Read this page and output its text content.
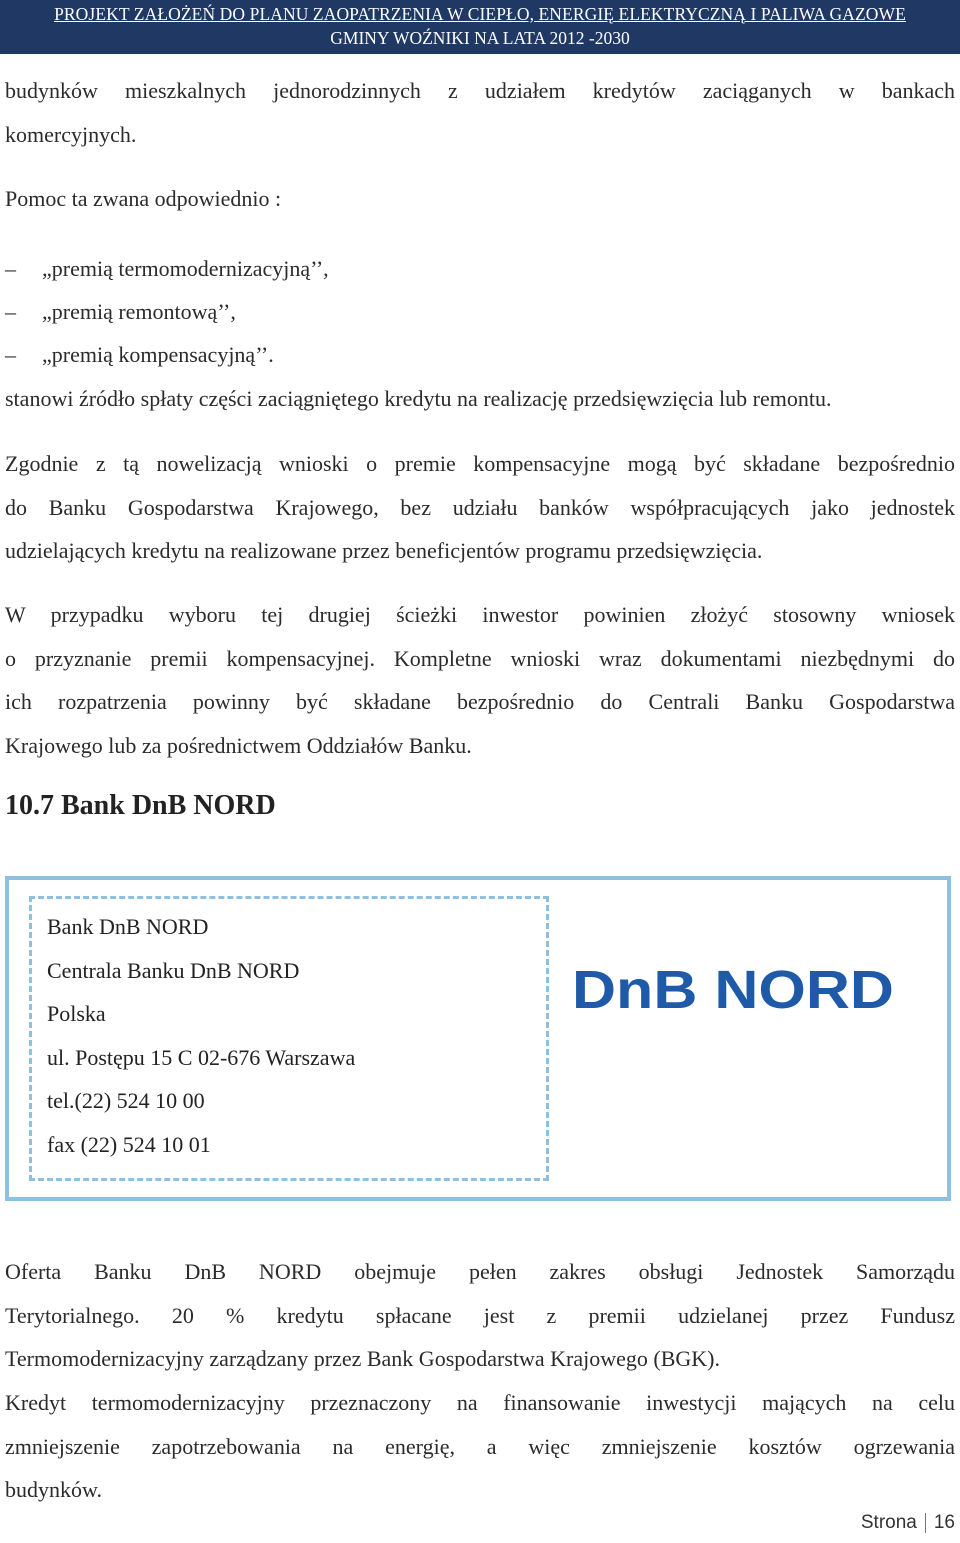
PROJEKT ZAŁOŻEŃ DO PLANU ZAOPATRZENIA W CIEPŁO, ENERGIĘ ELEKTRYCZNĄ I PALIWA GAZOWE
GMINY WOŹNIKI NA LATA 2012 -2030

budynków mieszkalnych jednorodzinnych z udziałem kredytów zaciąganych w bankach
komercyjnych.

Pomoc ta zwana odpowiednio :

– „premią termomodernizacyjną’’,
– „premią remontową’’,
– „premią kompensacyjną’’.

stanowi źródło spłaty części zaciągniętego kredytu na realizację przedsięwzięcia lub remontu.

Zgodnie z tą nowelizacją wnioski o premie kompensacyjne mogą być składane bezpośrednio
do Banku Gospodarstwa Krajowego, bez udziału banków współpracujących jako jednostek
udzielających kredytu na realizowane przez beneficjentów programu przedsięwzięcia.

W przypadku wyboru tej drugiej ścieżki inwestor powinien złożyć stosowny wniosek
o przyznanie premii kompensacyjnej. Kompletne wnioski wraz dokumentami niezbędnymi do
ich rozpatrzenia powinny być składane bezpośrednio do Centrali Banku Gospodarstwa
Krajowego lub za pośrednictwem Oddziałów Banku.

10.7 Bank DnB NORD
Bank DnB NORD
Centrala Banku DnB NORD
Polska
ul. Postępu 15 C 02-676 Warszawa
tel.(22) 524 10 00
fax (22) 524 10 01
DnB NORD

Oferta Banku DnB NORD obejmuje pełen zakres obsługi Jednostek Samorządu
Terytorialnego. 20 % kredytu spłacane jest z premii udzielanej przez Fundusz
Termomodernizacyjny zarządzany przez Bank Gospodarstwa Krajowego (BGK).

Kredyt termomodernizacyjny przeznaczony na finansowanie inwestycji mających na celu
zmniejszenie zapotrzebowania na energię, a więc zmniejszenie kosztów ogrzewania
budynków.

Strona 16
